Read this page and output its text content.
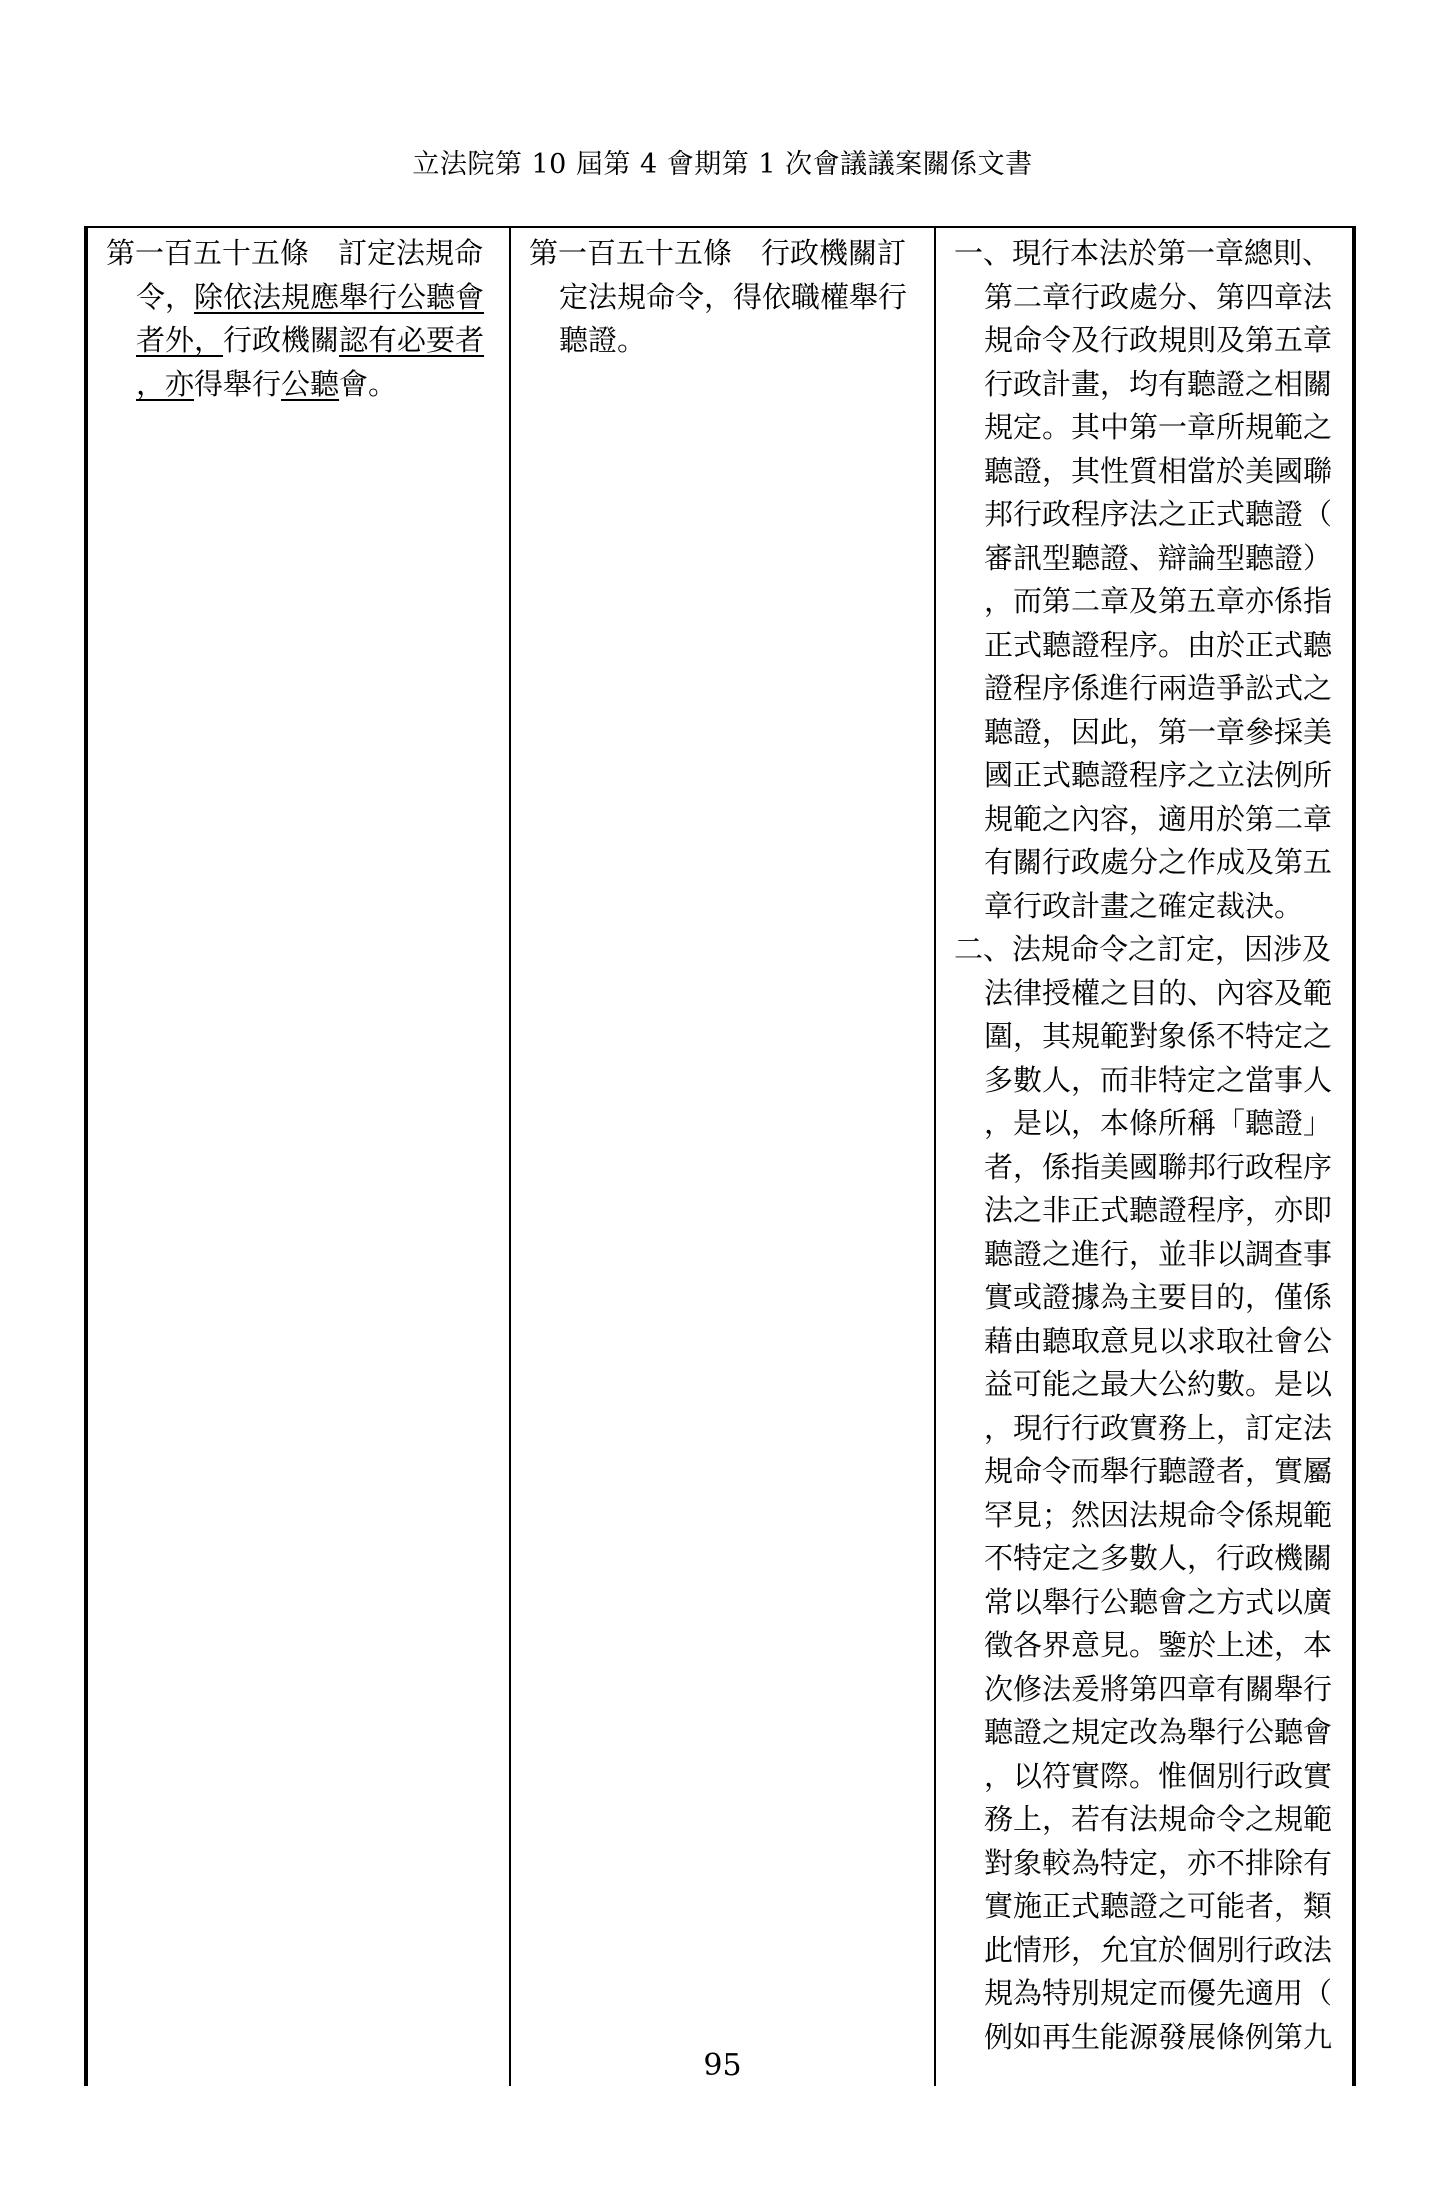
立法院第 10 屆第 4 會期第 1 次會議議案關係文書
第一百五十五條　訂定法規命
令，除依法規應舉行公聽會
者外，行政機關認有必要者
，亦得舉行公聽會。
第一百五十五條　行政機關訂
定法規命令，得依職權舉行
聽證。
一、現行本法於第一章總則、
第二章行政處分、第四章法
規命令及行政規則及第五章
行政計畫，均有聽證之相關
規定。其中第一章所規範之
聽證，其性質相當於美國聯
邦行政程序法之正式聽證（
審訊型聽證、辯論型聽證）
，而第二章及第五章亦係指
正式聽證程序。由於正式聽
證程序係進行兩造爭訟式之
聽證，因此，第一章參採美
國正式聽證程序之立法例所
規範之內容，適用於第二章
有關行政處分之作成及第五
章行政計畫之確定裁決。
二、法規命令之訂定，因涉及
法律授權之目的、內容及範
圍，其規範對象係不特定之
多數人，而非特定之當事人
，是以，本條所稱「聽證」
者，係指美國聯邦行政程序
法之非正式聽證程序，亦即
聽證之進行，並非以調查事
實或證據為主要目的，僅係
藉由聽取意見以求取社會公
益可能之最大公約數。是以
，現行行政實務上，訂定法
規命令而舉行聽證者，實屬
罕見；然因法規命令係規範
不特定之多數人，行政機關
常以舉行公聽會之方式以廣
徵各界意見。鑒於上述，本
次修法爰將第四章有關舉行
聽證之規定改為舉行公聽會
，以符實際。惟個別行政實
務上，若有法規命令之規範
對象較為特定，亦不排除有
實施正式聽證之可能者，類
此情形，允宜於個別行政法
規為特別規定而優先適用（
例如再生能源發展條例第九
95
